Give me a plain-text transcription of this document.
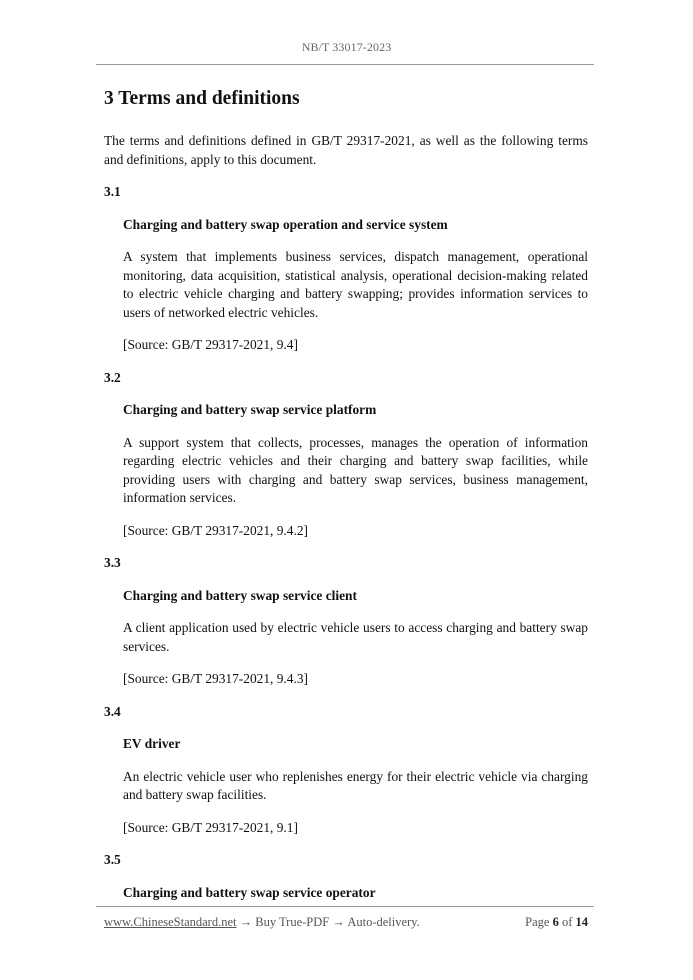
NB/T 33017-2023
3 Terms and definitions

The terms and definitions defined in GB/T 29317-2021, as well as the following terms and definitions, apply to this document.

3.1

Charging and battery swap operation and service system

A system that implements business services, dispatch management, operational monitoring, data acquisition, statistical analysis, operational decision-making related to electric vehicle charging and battery swapping; provides information services to users of networked electric vehicles.

[Source: GB/T 29317-2021, 9.4]

3.2

Charging and battery swap service platform

A support system that collects, processes, manages the operation of information regarding electric vehicles and their charging and battery swap facilities, while providing users with charging and battery swap services, business management, information services.

[Source: GB/T 29317-2021, 9.4.2]

3.3

Charging and battery swap service client

A client application used by electric vehicle users to access charging and battery swap services.

[Source: GB/T 29317-2021, 9.4.3]

3.4

EV driver

An electric vehicle user who replenishes energy for their electric vehicle via charging and battery swap facilities.

[Source: GB/T 29317-2021, 9.1]

3.5

Charging and battery swap service operator

www.ChineseStandard.net → Buy True-PDF → Auto-delivery.	Page 6 of 14
